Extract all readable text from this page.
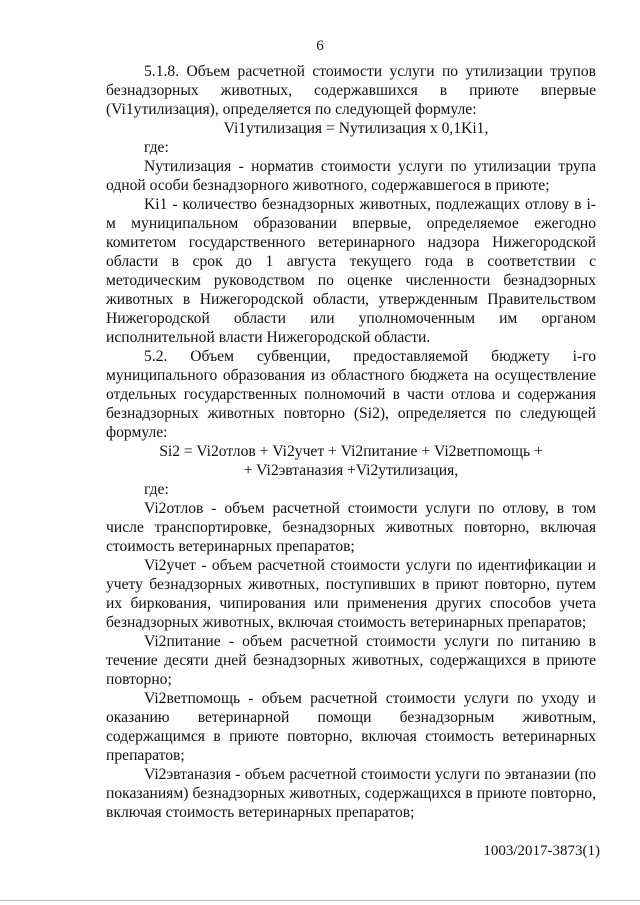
6

5.1.8. Объем расчетной стоимости услуги по утилизации трупов безнадзорных животных, содержавшихся в приюте впервые (Vi1утилизация), определяется по следующей формуле:

Vi1утилизация = Nутилизация x 0,1Ki1,

где:

Nутилизация - норматив стоимости услуги по утилизации трупа одной особи безнадзорного животного, содержавшегося в приюте;

Ki1 - количество безнадзорных животных, подлежащих отлову в i-м муниципальном образовании впервые, определяемое ежегодно комитетом государственного ветеринарного надзора Нижегородской области в срок до 1 августа текущего года в соответствии с методическим руководством по оценке численности безнадзорных животных в Нижегородской области, утвержденным Правительством Нижегородской области или уполномоченным им органом исполнительной власти Нижегородской области.

5.2. Объем субвенции, предоставляемой бюджету i-го муниципального образования из областного бюджета на осуществление отдельных государственных полномочий в части отлова и содержания безнадзорных животных повторно (Si2), определяется по следующей формуле:

Si2 = Vi2отлов + Vi2учет + Vi2питание + Vi2ветпомощь +

+ Vi2эвтаназия +Vi2утилизация,

где:

Vi2отлов - объем расчетной стоимости услуги по отлову, в том числе транспортировке, безнадзорных животных повторно, включая стоимость ветеринарных препаратов;

Vi2учет - объем расчетной стоимости услуги по идентификации и учету безнадзорных животных, поступивших в приют повторно, путем их биркования, чипирования или применения других способов учета безнадзорных животных, включая стоимость ветеринарных препаратов;

Vi2питание - объем расчетной стоимости услуги по питанию в течение десяти дней безнадзорных животных, содержащихся в приюте повторно;

Vi2ветпомощь - объем расчетной стоимости услуги по уходу и оказанию ветеринарной помощи безнадзорным животным, содержащимся в приюте повторно, включая стоимость ветеринарных препаратов;

Vi2эвтаназия - объем расчетной стоимости услуги по эвтаназии (по показаниям) безнадзорных животных, содержащихся в приюте повторно, включая стоимость ветеринарных препаратов;

1003/2017-3873(1)
